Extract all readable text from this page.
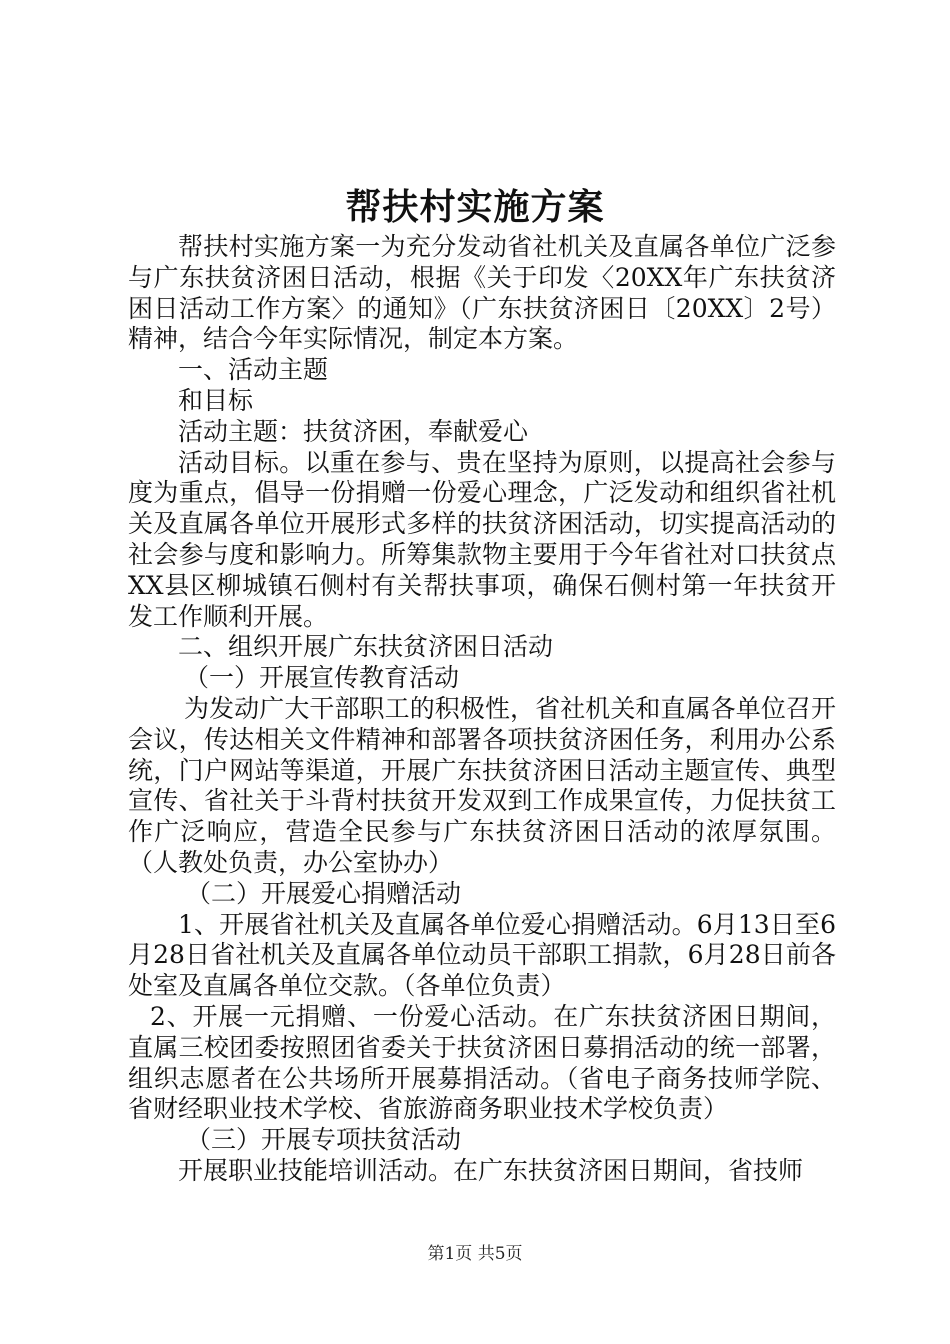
帮扶村实施方案

帮扶村实施方案一为充分发动省社机关及直属各单位广泛参与广东扶贫济困日活动，根据《关于印发〈20XX年广东扶贫济困日活动工作方案〉的通知》（广东扶贫济困日〔20XX〕2号）精神，结合今年实际情况，制定本方案。

一、活动主题

和目标

活动主题：扶贫济困，奉献爱心

活动目标。以重在参与、贵在坚持为原则，以提高社会参与度为重点，倡导一份捐赠一份爱心理念，广泛发动和组织省社机关及直属各单位开展形式多样的扶贫济困活动，切实提高活动的社会参与度和影响力。所筹集款物主要用于今年省社对口扶贫点XX县区柳城镇石侧村有关帮扶事项，确保石侧村第一年扶贫开发工作顺利开展。

二、组织开展广东扶贫济困日活动

（一）开展宣传教育活动

为发动广大干部职工的积极性，省社机关和直属各单位召开会议，传达相关文件精神和部署各项扶贫济困任务，利用办公系统，门户网站等渠道，开展广东扶贫济困日活动主题宣传、典型宣传、省社关于斗背村扶贫开发双到工作成果宣传，力促扶贫工作广泛响应，营造全民参与广东扶贫济困日活动的浓厚氛围。（人教处负责，办公室协办）

（二）开展爱心捐赠活动

1、开展省社机关及直属各单位爱心捐赠活动。6月13日至6月28日省社机关及直属各单位动员干部职工捐款，6月28日前各处室及直属各单位交款。（各单位负责）

2、开展一元捐赠、一份爱心活动。在广东扶贫济困日期间，直属三校团委按照团省委关于扶贫济困日募捐活动的统一部署，组织志愿者在公共场所开展募捐活动。（省电子商务技师学院、省财经职业技术学校、省旅游商务职业技术学校负责）

（三）开展专项扶贫活动

开展职业技能培训活动。在广东扶贫济困日期间，省技师

第1页 共5页
